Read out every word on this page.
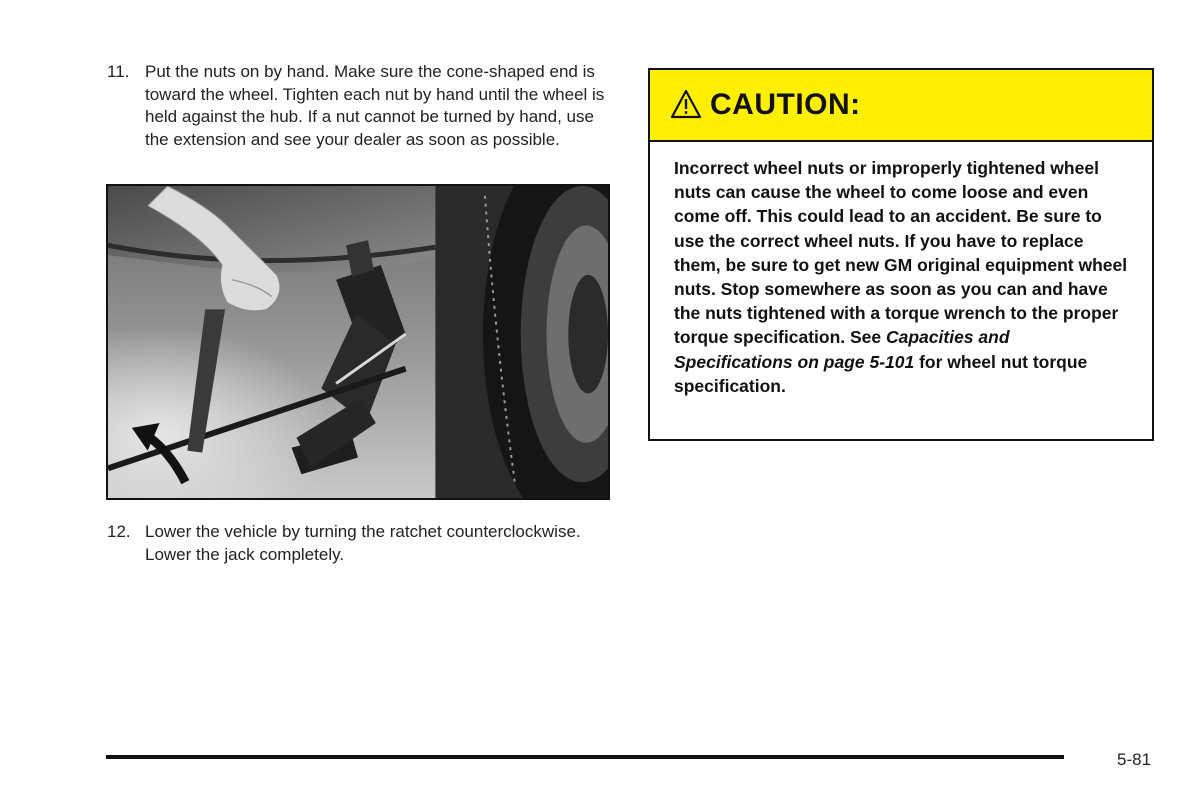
11. Put the nuts on by hand. Make sure the cone-shaped end is toward the wheel. Tighten each nut by hand until the wheel is held against the hub. If a nut cannot be turned by hand, use the extension and see your dealer as soon as possible.
12. Lower the vehicle by turning the ratchet counterclockwise. Lower the jack completely.
CAUTION:
Incorrect wheel nuts or improperly tightened wheel nuts can cause the wheel to come loose and even come off. This could lead to an accident. Be sure to use the correct wheel nuts. If you have to replace them, be sure to get new GM original equipment wheel nuts. Stop somewhere as soon as you can and have the nuts tightened with a torque wrench to the proper torque specification. See Capacities and Specifications on page 5-101 for wheel nut torque specification.
5-81
